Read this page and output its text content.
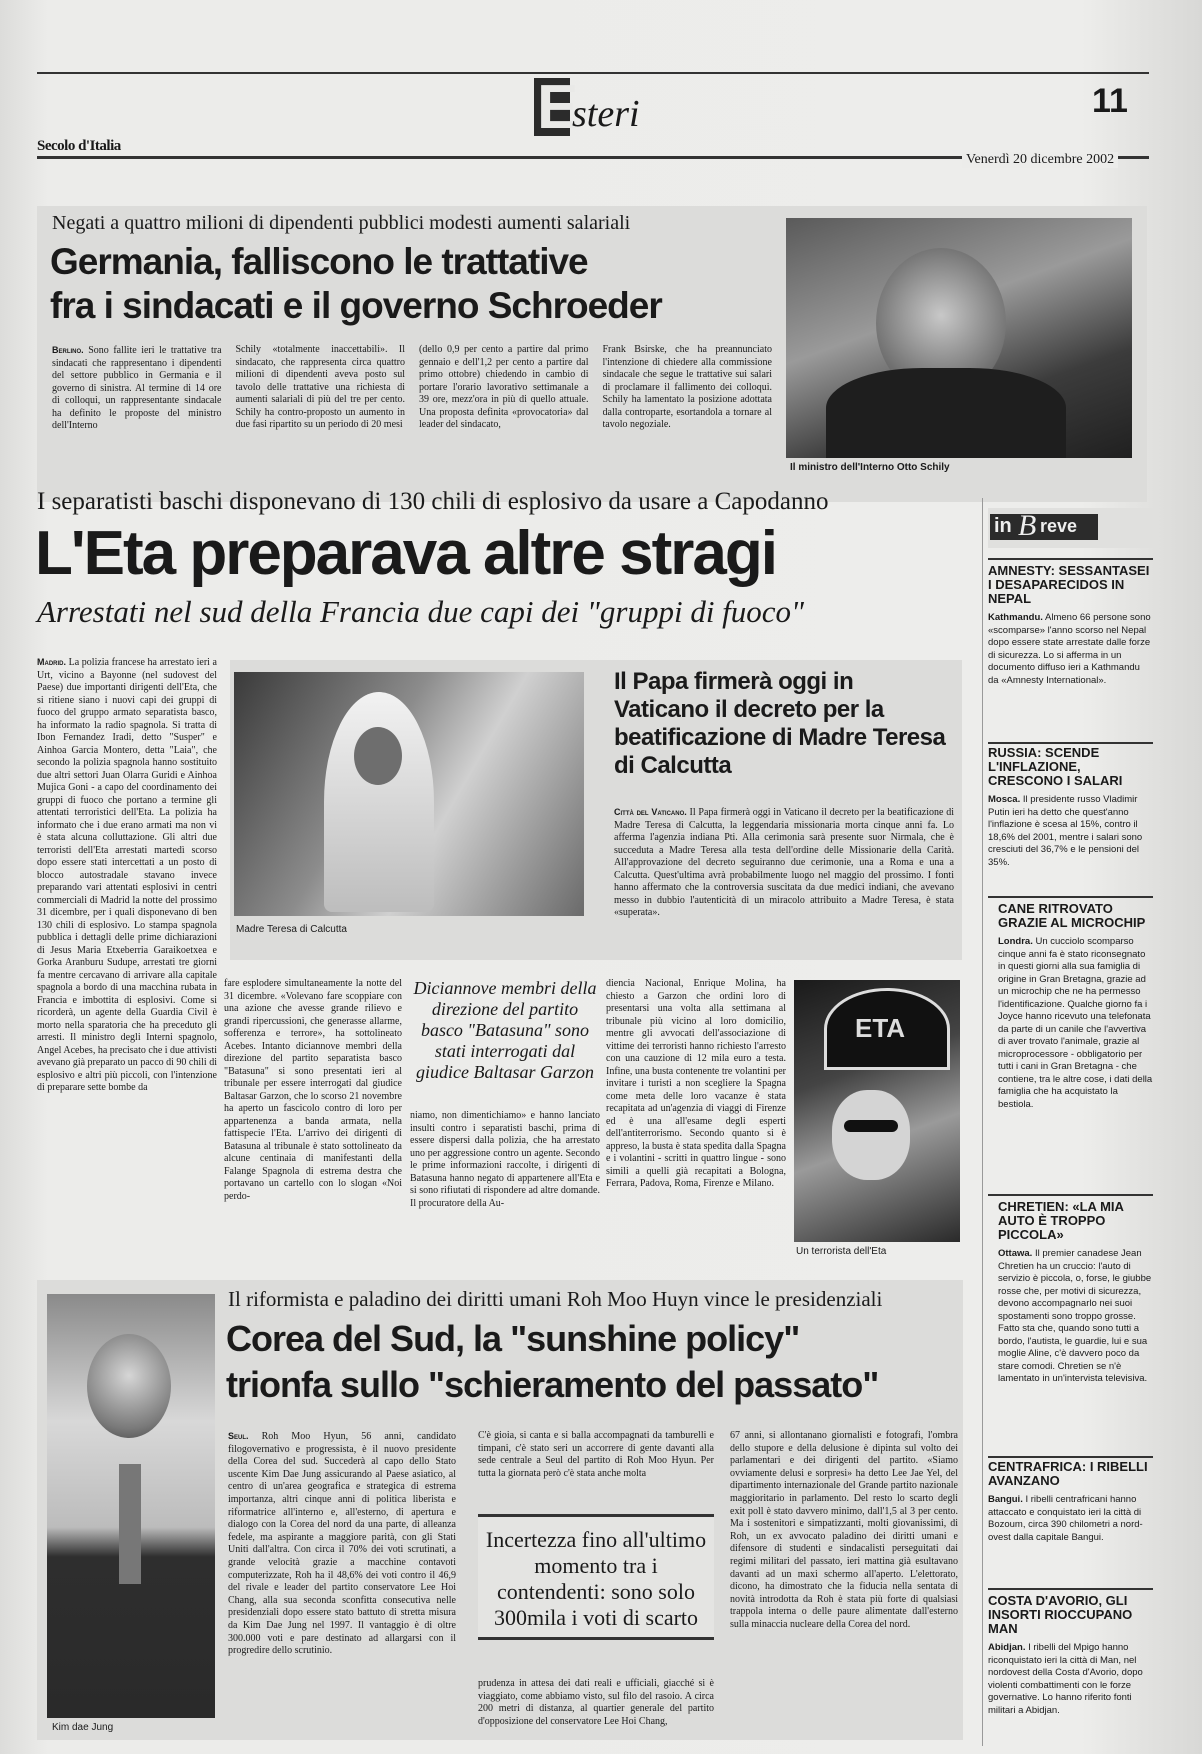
E
steri	11
Secolo d'Italia
Venerdì 20 dicembre 2002
Negati a quattro milioni di dipendenti pubblici modesti aumenti salariali
Germania, falliscono le trattative
fra i sindacati e il governo Schroeder
Berlino. Sono fallite ieri le trattative tra sindacati che rappresentano i dipendenti del settore pubblico in Germania e il governo di sinistra. Al termine di 14 ore di colloqui, un rappresentante sindacale ha definito le proposte del ministro dell'Interno
Schily «totalmente inaccettabili». Il sindacato, che rappresenta circa quattro milioni di dipendenti aveva posto sul tavolo delle trattative una richiesta di aumenti salariali di più del tre per cento. Schily ha contro-proposto un aumento in due fasi ripartito su un periodo di 20 mesi
(dello 0,9 per cento a partire dal primo gennaio e dell'1,2 per cento a partire dal primo ottobre) chiedendo in cambio di portare l'orario lavorativo settimanale a 39 ore, mezz'ora in più di quello attuale. Una proposta definita «provocatoria» dal leader del sindacato,
Frank Bsirske, che ha preannunciato l'intenzione di chiedere alla commissione sindacale che segue le trattative sui salari di proclamare il fallimento dei colloqui. Schily ha lamentato la posizione adottata dalla controparte, esortandola a tornare al tavolo negoziale.
Il ministro dell'Interno Otto Schily
I separatisti baschi disponevano di 130 chili di esplosivo da usare a Capodanno
L'Eta preparava altre stragi
Arrestati nel sud della Francia due capi dei "gruppi di fuoco"
Madrid. La polizia francese ha arrestato ieri a Urt, vicino a Bayonne (nel sudovest del Paese) due importanti dirigenti dell'Eta, che si ritiene siano i nuovi capi dei gruppi di fuoco del gruppo armato separatista basco, ha informato la radio spagnola. Si tratta di Ibon Fernandez Iradi, detto "Susper" e Ainhoa Garcia Montero, detta "Laia", che secondo la polizia spagnola hanno sostituito due altri settori Juan Olarra Guridi e Ainhoa Mujica Goni - a capo del coordinamento dei gruppi di fuoco che portano a termine gli attentati terroristici dell'Eta. La polizia ha informato che i due erano armati ma non vi è stata alcuna colluttazione. Gli altri due terroristi dell'Eta arrestati martedì scorso dopo essere stati intercettati a un posto di blocco autostradale stavano invece preparando vari attentati esplosivi in centri commerciali di Madrid la notte del prossimo 31 dicembre, per i quali disponevano di ben 130 chili di esplosivo. Lo stampa spagnola pubblica i dettagli delle prime dichiarazioni di Jesus Maria Etxeberria Garaikoetxea e Gorka Aranburu Sudupe, arrestati tre giorni fa mentre cercavano di arrivare alla capitale spagnola a bordo di una macchina rubata in Francia e imbottita di esplosivi. Come si ricorderà, un agente della Guardia Civil è morto nella sparatoria che ha preceduto gli arresti. Il ministro degli Interni spagnolo, Angel Acebes, ha precisato che i due attivisti avevano già preparato un pacco di 90 chili di esplosivo e altri più piccoli, con l'intenzione di preparare sette bombe da
Madre Teresa di Calcutta
Il Papa firmerà oggi in Vaticano il decreto per la beatificazione di Madre Teresa di Calcutta
Città del Vaticano. Il Papa firmerà oggi in Vaticano il decreto per la beatificazione di Madre Teresa di Calcutta, la leggendaria missionaria morta cinque anni fa. Lo afferma l'agenzia indiana Pti. Alla cerimonia sarà presente suor Nirmala, che è succeduta a Madre Teresa alla testa dell'ordine delle Missionarie della Carità. All'approvazione del decreto seguiranno due cerimonie, una a Roma e una a Calcutta. Quest'ultima avrà probabilmente luogo nel maggio del prossimo. I fonti hanno affermato che la controversia suscitata da due medici indiani, che avevano messo in dubbio l'autenticità di un miracolo attribuito a Madre Teresa, è stata «superata».
fare esplodere simultaneamente la notte del 31 dicembre. «Volevano fare scoppiare con una azione che avesse grande rilievo e grandi ripercussioni, che generasse allarme, sofferenza e terrore», ha sottolineato Acebes. Intanto diciannove membri della direzione del partito separatista basco "Batasuna" si sono presentati ieri al tribunale per essere interrogati dal giudice Baltasar Garzon, che lo scorso 21 novembre ha aperto un fascicolo contro di loro per appartenenza a banda armata, nella fattispecie l'Eta. L'arrivo dei dirigenti di Batasuna al tribunale è stato sottolineato da alcune centinaia di manifestanti della Falange Spagnola di estrema destra che portavano un cartello con lo slogan «Noi perdo-
Diciannove membri della direzione del partito basco "Batasuna" sono stati interrogati dal giudice Baltasar Garzon
niamo, non dimentichiamo» e hanno lanciato insulti contro i separatisti baschi, prima di essere dispersi dalla polizia, che ha arrestato uno per aggressione contro un agente. Secondo le prime informazioni raccolte, i dirigenti di Batasuna hanno negato di appartenere all'Eta e si sono rifiutati di rispondere ad altre domande. Il procuratore della Au-
diencia Nacional, Enrique Molina, ha chiesto a Garzon che ordini loro di presentarsi una volta alla settimana al tribunale più vicino al loro domicilio, mentre gli avvocati dell'associazione di vittime dei terroristi hanno richiesto l'arresto con una cauzione di 12 mila euro a testa. Infine, una busta contenente tre volantini per invitare i turisti a non scegliere la Spagna come meta delle loro vacanze è stata recapitata ad un'agenzia di viaggi di Firenze ed è una all'esame degli esperti dell'antiterrorismo. Secondo quanto si è appreso, la busta è stata spedita dalla Spagna e i volantini - scritti in quattro lingue - sono simili a quelli già recapitati a Bologna, Ferrara, Padova, Roma, Firenze e Milano.
ETA
Un terrorista dell'Eta
Il riformista e paladino dei diritti umani Roh Moo Huyn vince le presidenziali
Corea del Sud, la "sunshine policy"
trionfa sullo "schieramento del passato"
Kim dae Jung
Seul. Roh Moo Hyun, 56 anni, candidato filogovernativo e progressista, è il nuovo presidente della Corea del sud. Succederà al capo dello Stato uscente Kim Dae Jung assicurando al Paese asiatico, al centro di un'area geografica e strategica di estrema importanza, altri cinque anni di politica liberista e riformatrice all'interno e, all'esterno, di apertura e dialogo con la Corea del nord da una parte, di alleanza fedele, ma aspirante a maggiore parità, con gli Stati Uniti dall'altra. Con circa il 70% dei voti scrutinati, a grande velocità grazie a macchine contavoti computerizzate, Roh ha il 48,6% dei voti contro il 46,9 del rivale e leader del partito conservatore Lee Hoi Chang, alla sua seconda sconfitta consecutiva nelle presidenziali dopo essere stato battuto di stretta misura da Kim Dae Jung nel 1997. Il vantaggio è di oltre 300.000 voti e pare destinato ad allargarsi con il progredire dello scrutinio.
C'è gioia, si canta e si balla accompagnati da tamburelli e timpani, c'è stato seri un accorrere di gente davanti alla sede centrale a Seul del partito di Roh Moo Hyun. Per tutta la giornata però c'è stata anche molta
Incertezza fino all'ultimo momento tra i contendenti: sono solo 300mila i voti di scarto
prudenza in attesa dei dati reali e ufficiali, giacché si è viaggiato, come abbiamo visto, sul filo del rasoio. A circa 200 metri di distanza, al quartier generale del partito d'opposizione del conservatore Lee Hoi Chang,
67 anni, si allontanano giornalisti e fotografi, l'ombra dello stupore e della delusione è dipinta sul volto dei parlamentari e dei dirigenti del partito. «Siamo ovviamente delusi e sorpresi» ha detto Lee Jae Yel, del dipartimento internazionale del Grande partito nazionale maggioritario in parlamento. Del resto lo scarto degli exit poll è stato davvero minimo, dall'1,5 al 3 per cento. Ma i sostenitori e simpatizzanti, molti giovanissimi, di Roh, un ex avvocato paladino dei diritti umani e difensore di studenti e sindacalisti perseguitati dai regimi militari del passato, ieri mattina già esultavano davanti ad un maxi schermo all'aperto. L'elettorato, dicono, ha dimostrato che la fiducia nella sentata di novità introdotta da Roh è stata più forte di qualsiasi trappola interna o delle paure alimentate dall'esterno sulla minaccia nucleare della Corea del nord.
in B reve
AMNESTY: SESSANTASEI I DESAPARECIDOS IN NEPAL
Kathmandu. Almeno 66 persone sono «scomparse» l'anno scorso nel Nepal dopo essere state arrestate dalle forze di sicurezza. Lo si afferma in un documento diffuso ieri a Kathmandu da «Amnesty International».
RUSSIA: SCENDE L'INFLAZIONE, CRESCONO I SALARI
Mosca. Il presidente russo Vladimir Putin ieri ha detto che quest'anno l'inflazione è scesa al 15%, contro il 18,6% del 2001, mentre i salari sono cresciuti del 36,7% e le pensioni del 35%.
CANE RITROVATO GRAZIE AL MICROCHIP
Londra. Un cucciolo scomparso cinque anni fa è stato riconsegnato in questi giorni alla sua famiglia di origine in Gran Bretagna, grazie ad un microchip che ne ha permesso l'identificazione. Qualche giorno fa i Joyce hanno ricevuto una telefonata da parte di un canile che l'avvertiva di aver trovato l'animale, grazie al microprocessore - obbligatorio per tutti i cani in Gran Bretagna - che contiene, tra le altre cose, i dati della famiglia che ha acquistato la bestiola.
CHRETIEN: «LA MIA AUTO È TROPPO PICCOLA»
Ottawa. Il premier canadese Jean Chretien ha un cruccio: l'auto di servizio è piccola, o, forse, le giubbe rosse che, per motivi di sicurezza, devono accompagnarlo nei suoi spostamenti sono troppo grosse. Fatto sta che, quando sono tutti a bordo, l'autista, le guardie, lui e sua moglie Aline, c'è davvero poco da stare comodi. Chretien se n'è lamentato in un'intervista televisiva.
CENTRAFRICA: I RIBELLI AVANZANO
Bangui. I ribelli centrafricani hanno attaccato e conquistato ieri la città di Bozoum, circa 390 chilometri a nord-ovest dalla capitale Bangui.
COSTA D'AVORIO, GLI INSORTI RIOCCUPANO MAN
Abidjan. I ribelli del Mpigo hanno riconquistato ieri la città di Man, nel nordovest della Costa d'Avorio, dopo violenti combattimenti con le forze governative. Lo hanno riferito fonti militari a Abidjan.
